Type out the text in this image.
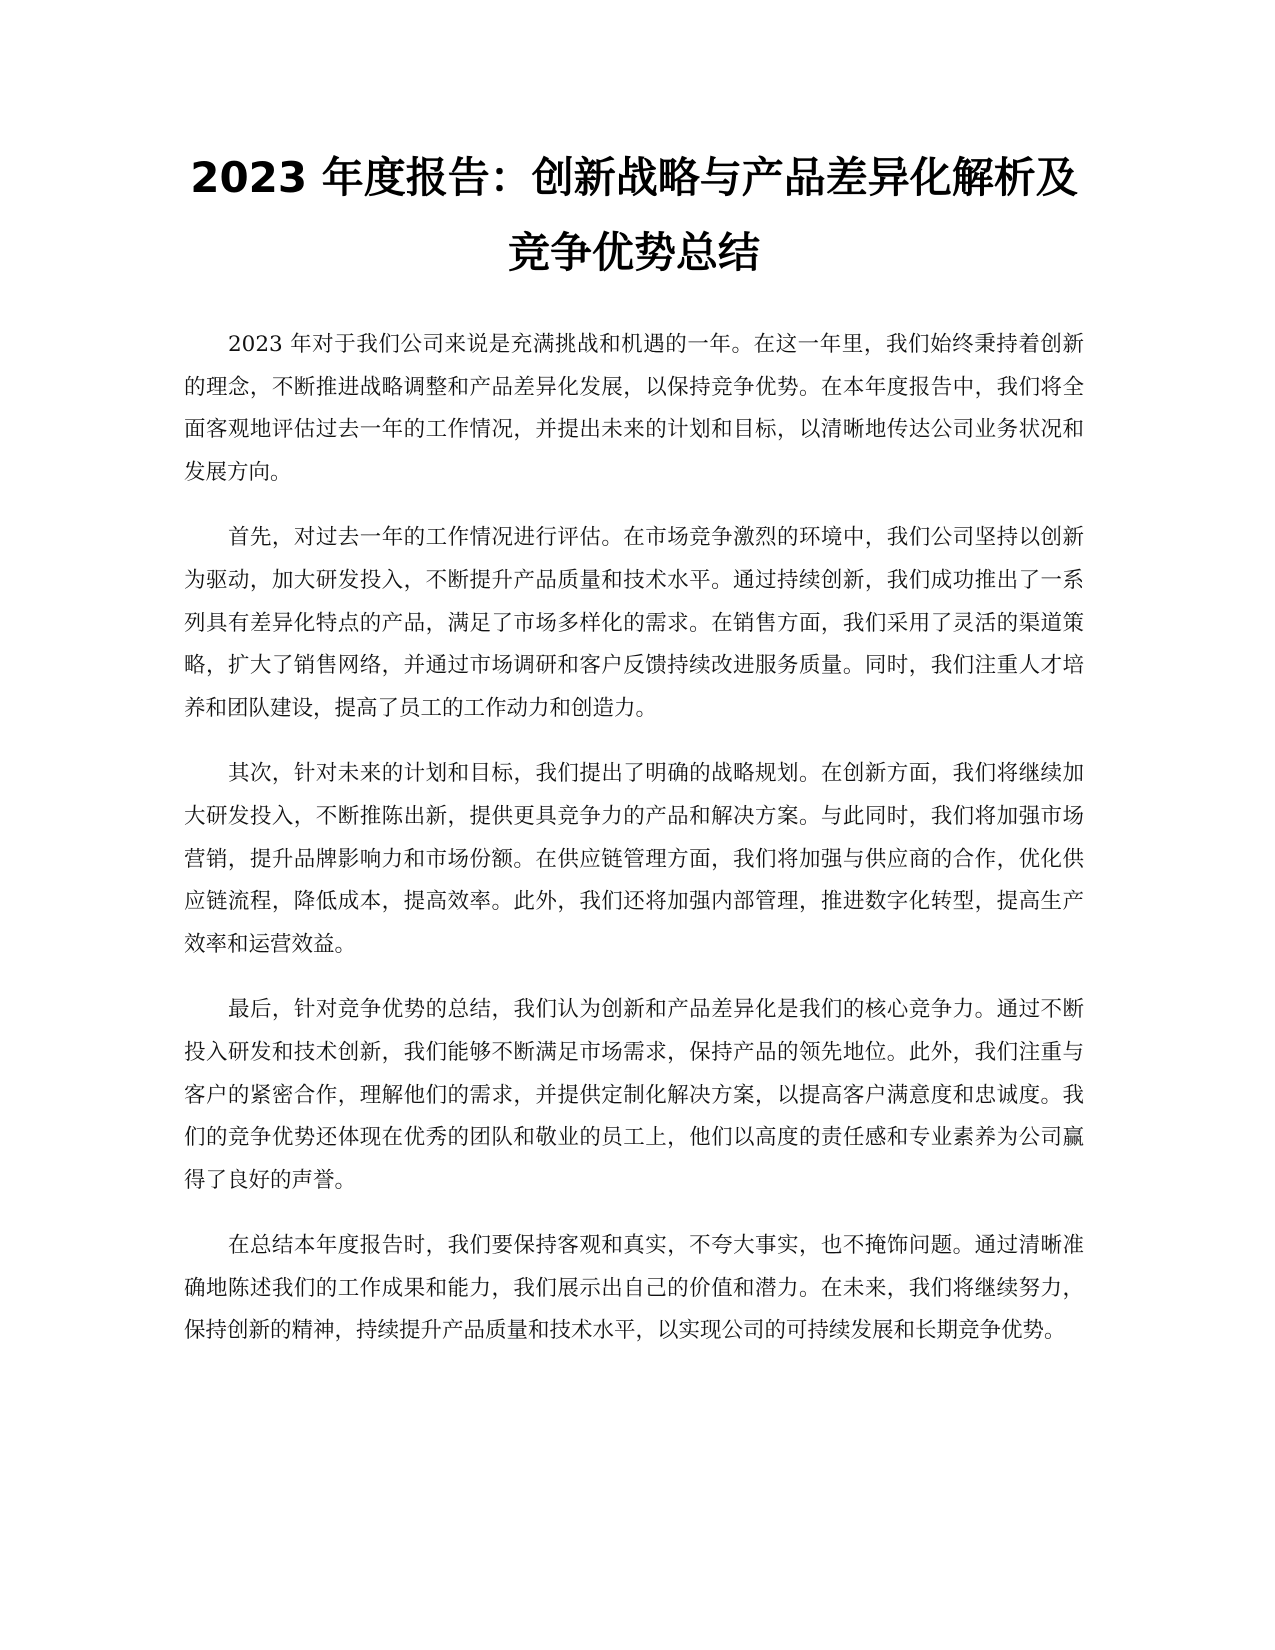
2023 年度报告：创新战略与产品差异化解析及竞争优势总结

2023 年对于我们公司来说是充满挑战和机遇的一年。在这一年里，我们始终秉持着创新的理念，不断推进战略调整和产品差异化发展，以保持竞争优势。在本年度报告中，我们将全面客观地评估过去一年的工作情况，并提出未来的计划和目标，以清晰地传达公司业务状况和发展方向。

首先，对过去一年的工作情况进行评估。在市场竞争激烈的环境中，我们公司坚持以创新为驱动，加大研发投入，不断提升产品质量和技术水平。通过持续创新，我们成功推出了一系列具有差异化特点的产品，满足了市场多样化的需求。在销售方面，我们采用了灵活的渠道策略，扩大了销售网络，并通过市场调研和客户反馈持续改进服务质量。同时，我们注重人才培养和团队建设，提高了员工的工作动力和创造力。

其次，针对未来的计划和目标，我们提出了明确的战略规划。在创新方面，我们将继续加大研发投入，不断推陈出新，提供更具竞争力的产品和解决方案。与此同时，我们将加强市场营销，提升品牌影响力和市场份额。在供应链管理方面，我们将加强与供应商的合作，优化供应链流程，降低成本，提高效率。此外，我们还将加强内部管理，推进数字化转型，提高生产效率和运营效益。

最后，针对竞争优势的总结，我们认为创新和产品差异化是我们的核心竞争力。通过不断投入研发和技术创新，我们能够不断满足市场需求，保持产品的领先地位。此外，我们注重与客户的紧密合作，理解他们的需求，并提供定制化解决方案，以提高客户满意度和忠诚度。我们的竞争优势还体现在优秀的团队和敬业的员工上，他们以高度的责任感和专业素养为公司赢得了良好的声誉。

在总结本年度报告时，我们要保持客观和真实，不夸大事实，也不掩饰问题。通过清晰准确地陈述我们的工作成果和能力，我们展示出自己的价值和潜力。在未来，我们将继续努力，保持创新的精神，持续提升产品质量和技术水平，以实现公司的可持续发展和长期竞争优势。
